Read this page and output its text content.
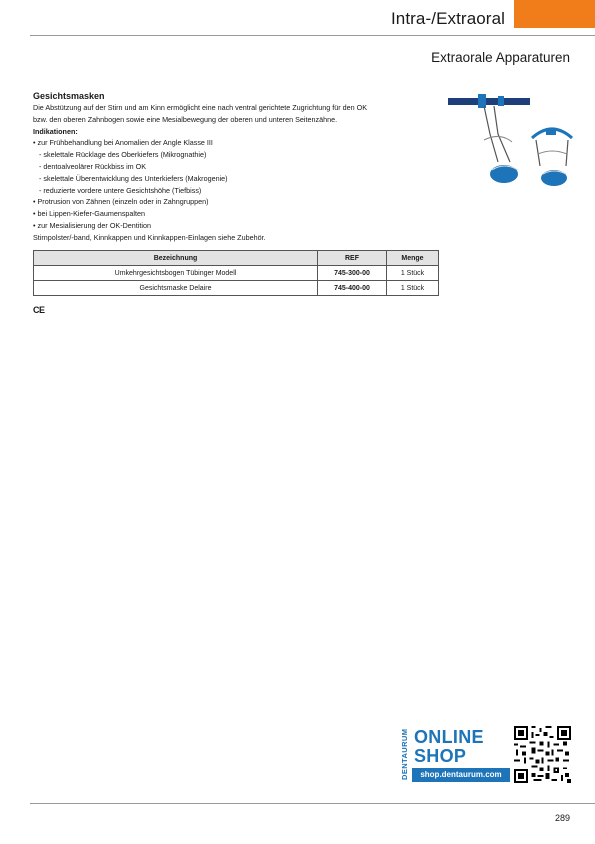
Intra-/Extraoral
Extraorale Apparaturen
Gesichtsmasken
Die Abstützung auf der Stirn und am Kinn ermöglicht eine nach ventral gerichtete Zugrichtung für den OK
bzw. den oberen Zahnbogen sowie eine Mesialbewegung der oberen und unteren Seitenzähne.
Indikationen:
• zur Frühbehandlung bei Anomalien der Angle Klasse III
- skelettale Rücklage des Oberkiefers (Mikrognathie)
- dentoalveolärer Rückbiss im OK
- skelettale Überentwicklung des Unterkiefers (Makrogenie)
- reduzierte vordere untere Gesichtshöhe (Tiefbiss)
• Protrusion von Zähnen (einzeln oder in Zahngruppen)
• bei Lippen-Kiefer-Gaumenspalten
• zur Mesialisierung der OK-Dentition
Stirnpolster/-band, Kinnkappen und Kinnkappen-Einlagen siehe Zubehör.
Bezeichnung	REF	Menge
Umkehrgesichtsbogen Tübinger Modell	745-300-00	1 Stück
Gesichtsmaske Delaire	745-400-00	1 Stück
CE
DENTAURUM ONLINE
SHOP
shop.dentaurum.com
289
